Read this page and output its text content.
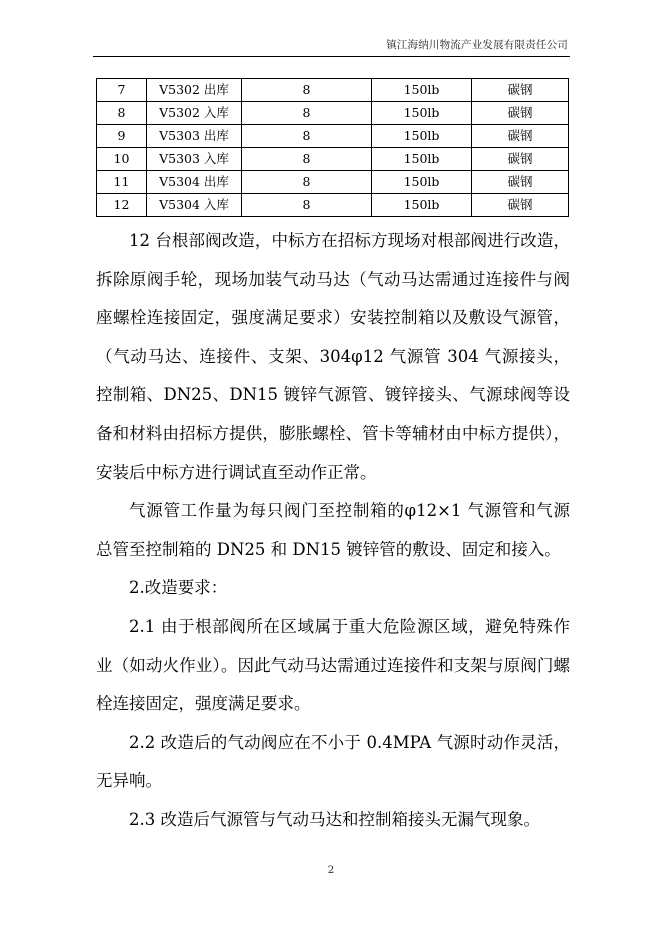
镇江海纳川物流产业发展有限责任公司
7	V5302 出库	8	150lb	碳钢
8	V5302 入库	8	150lb	碳钢
9	V5303 出库	8	150lb	碳钢
10	V5303 入库	8	150lb	碳钢
11	V5304 出库	8	150lb	碳钢
12	V5304 入库	8	150lb	碳钢

12 台根部阀改造，中标方在招标方现场对根部阀进行改造，拆除原阀手轮，现场加装气动马达（气动马达需通过连接件与阀座螺栓连接固定，强度满足要求）安装控制箱以及敷设气源管，（气动马达、连接件、支架、304φ12 气源管 304 气源接头，控制箱、DN25、DN15 镀锌气源管、镀锌接头、气源球阀等设备和材料由招标方提供，膨胀螺栓、管卡等辅材由中标方提供），安装后中标方进行调试直至动作正常。

气源管工作量为每只阀门至控制箱的φ12×1 气源管和气源总管至控制箱的 DN25 和 DN15 镀锌管的敷设、固定和接入。

2.改造要求：

2.1 由于根部阀所在区域属于重大危险源区域，避免特殊作业（如动火作业）。因此气动马达需通过连接件和支架与原阀门螺栓连接固定，强度满足要求。

2.2 改造后的气动阀应在不小于 0.4MPA 气源时动作灵活，无异响。

2.3 改造后气源管与气动马达和控制箱接头无漏气现象。

2
